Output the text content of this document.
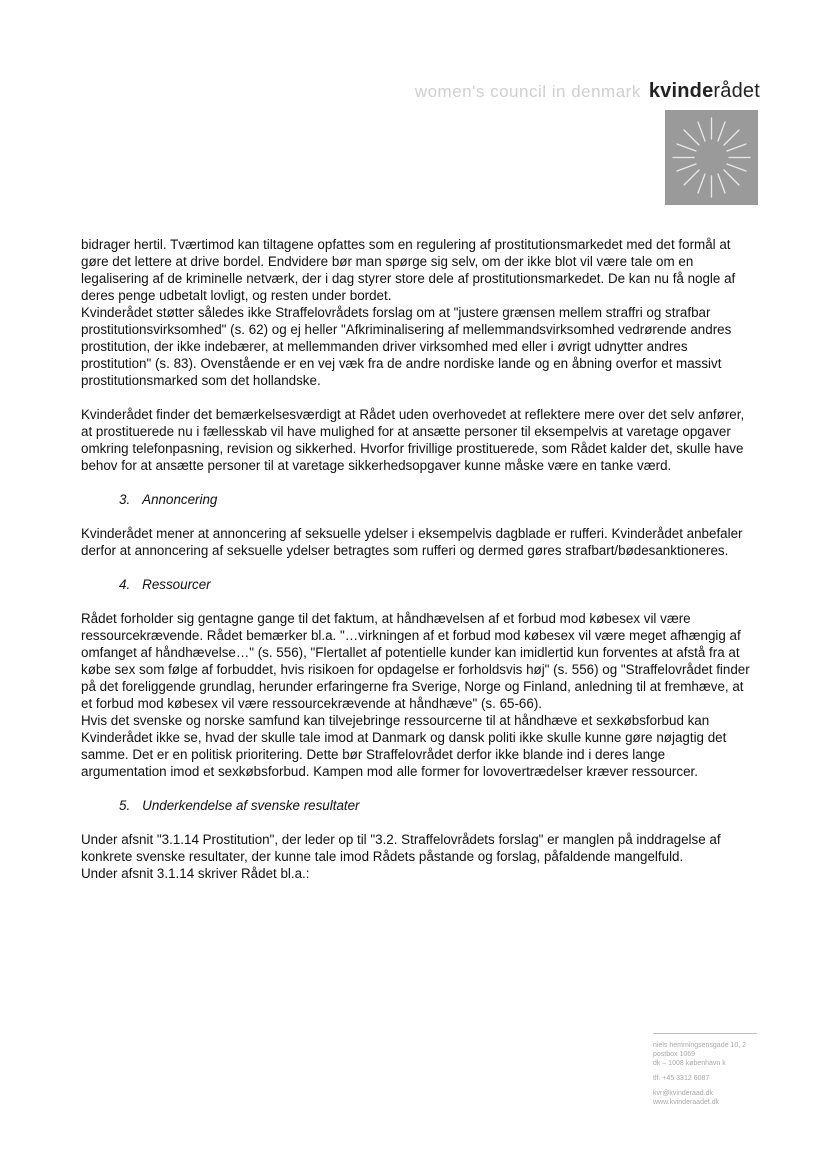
women's council in denmark kvinderådet

bidrager hertil. Tværtimod kan tiltagene opfattes som en regulering af prostitutionsmarkedet med det formål at gøre det lettere at drive bordel. Endvidere bør man spørge sig selv, om der ikke blot vil være tale om en legalisering af de kriminelle netværk, der i dag styrer store dele af prostitutionsmarkedet. De kan nu få nogle af deres penge udbetalt lovligt, og resten under bordet.

Kvinderådet støtter således ikke Straffelovrådets forslag om at "justere grænsen mellem straffri og strafbar prostitutionsvirksomhed" (s. 62) og ej heller "Afkriminalisering af mellemmandsvirksomhed vedrørende andres prostitution, der ikke indebærer, at mellemmanden driver virksomhed med eller i øvrigt udnytter andres prostitution" (s. 83). Ovenstående er en vej væk fra de andre nordiske lande og en åbning overfor et massivt prostitutionsmarked som det hollandske.

Kvinderådet finder det bemærkelsesværdigt at Rådet uden overhovedet at reflektere mere over det selv anfører, at prostituerede nu i fællesskab vil have mulighed for at ansætte personer til eksempelvis at varetage opgaver omkring telefonpasning, revision og sikkerhed. Hvorfor frivillige prostituerede, som Rådet kalder det, skulle have behov for at ansætte personer til at varetage sikkerhedsopgaver kunne måske være en tanke værd.

3. Annoncering

Kvinderådet mener at annoncering af seksuelle ydelser i eksempelvis dagblade er rufferi. Kvinderådet anbefaler derfor at annoncering af seksuelle ydelser betragtes som rufferi og dermed gøres strafbart/bødesanktioneres.

4. Ressourcer

Rådet forholder sig gentagne gange til det faktum, at håndhævelsen af et forbud mod købesex vil være ressourcekrævende. Rådet bemærker bl.a. "…virkningen af et forbud mod købesex vil være meget afhængig af omfanget af håndhævelse…" (s. 556), "Flertallet af potentielle kunder kan imidlertid kun forventes at afstå fra at købe sex som følge af forbuddet, hvis risikoen for opdagelse er forholdsvis høj" (s. 556) og "Straffelovrådet finder på det foreliggende grundlag, herunder erfaringerne fra Sverige, Norge og Finland, anledning til at fremhæve, at et forbud mod købesex vil være ressourcekrævende at håndhæve" (s. 65-66).

Hvis det svenske og norske samfund kan tilvejebringe ressourcerne til at håndhæve et sexkøbsforbud kan Kvinderådet ikke se, hvad der skulle tale imod at Danmark og dansk politi ikke skulle kunne gøre nøjagtig det samme. Det er en politisk prioritering. Dette bør Straffelovrådet derfor ikke blande ind i deres lange argumentation imod et sexkøbsforbud. Kampen mod alle former for lovovertrædelser kræver ressourcer.

5. Underkendelse af svenske resultater

Under afsnit "3.1.14 Prostitution", der leder op til "3.2. Straffelovrådets forslag" er manglen på inddragelse af konkrete svenske resultater, der kunne tale imod Rådets påstande og forslag, påfaldende mangelfuld.

Under afsnit 3.1.14 skriver Rådet bl.a.:

niels hemmingsensgade 10, 2
postbox 1069
dk – 1008 københavn k
tlf. +45 3312 6087
kvr@kvinderaad.dk
www.kvinderaadet.dk
